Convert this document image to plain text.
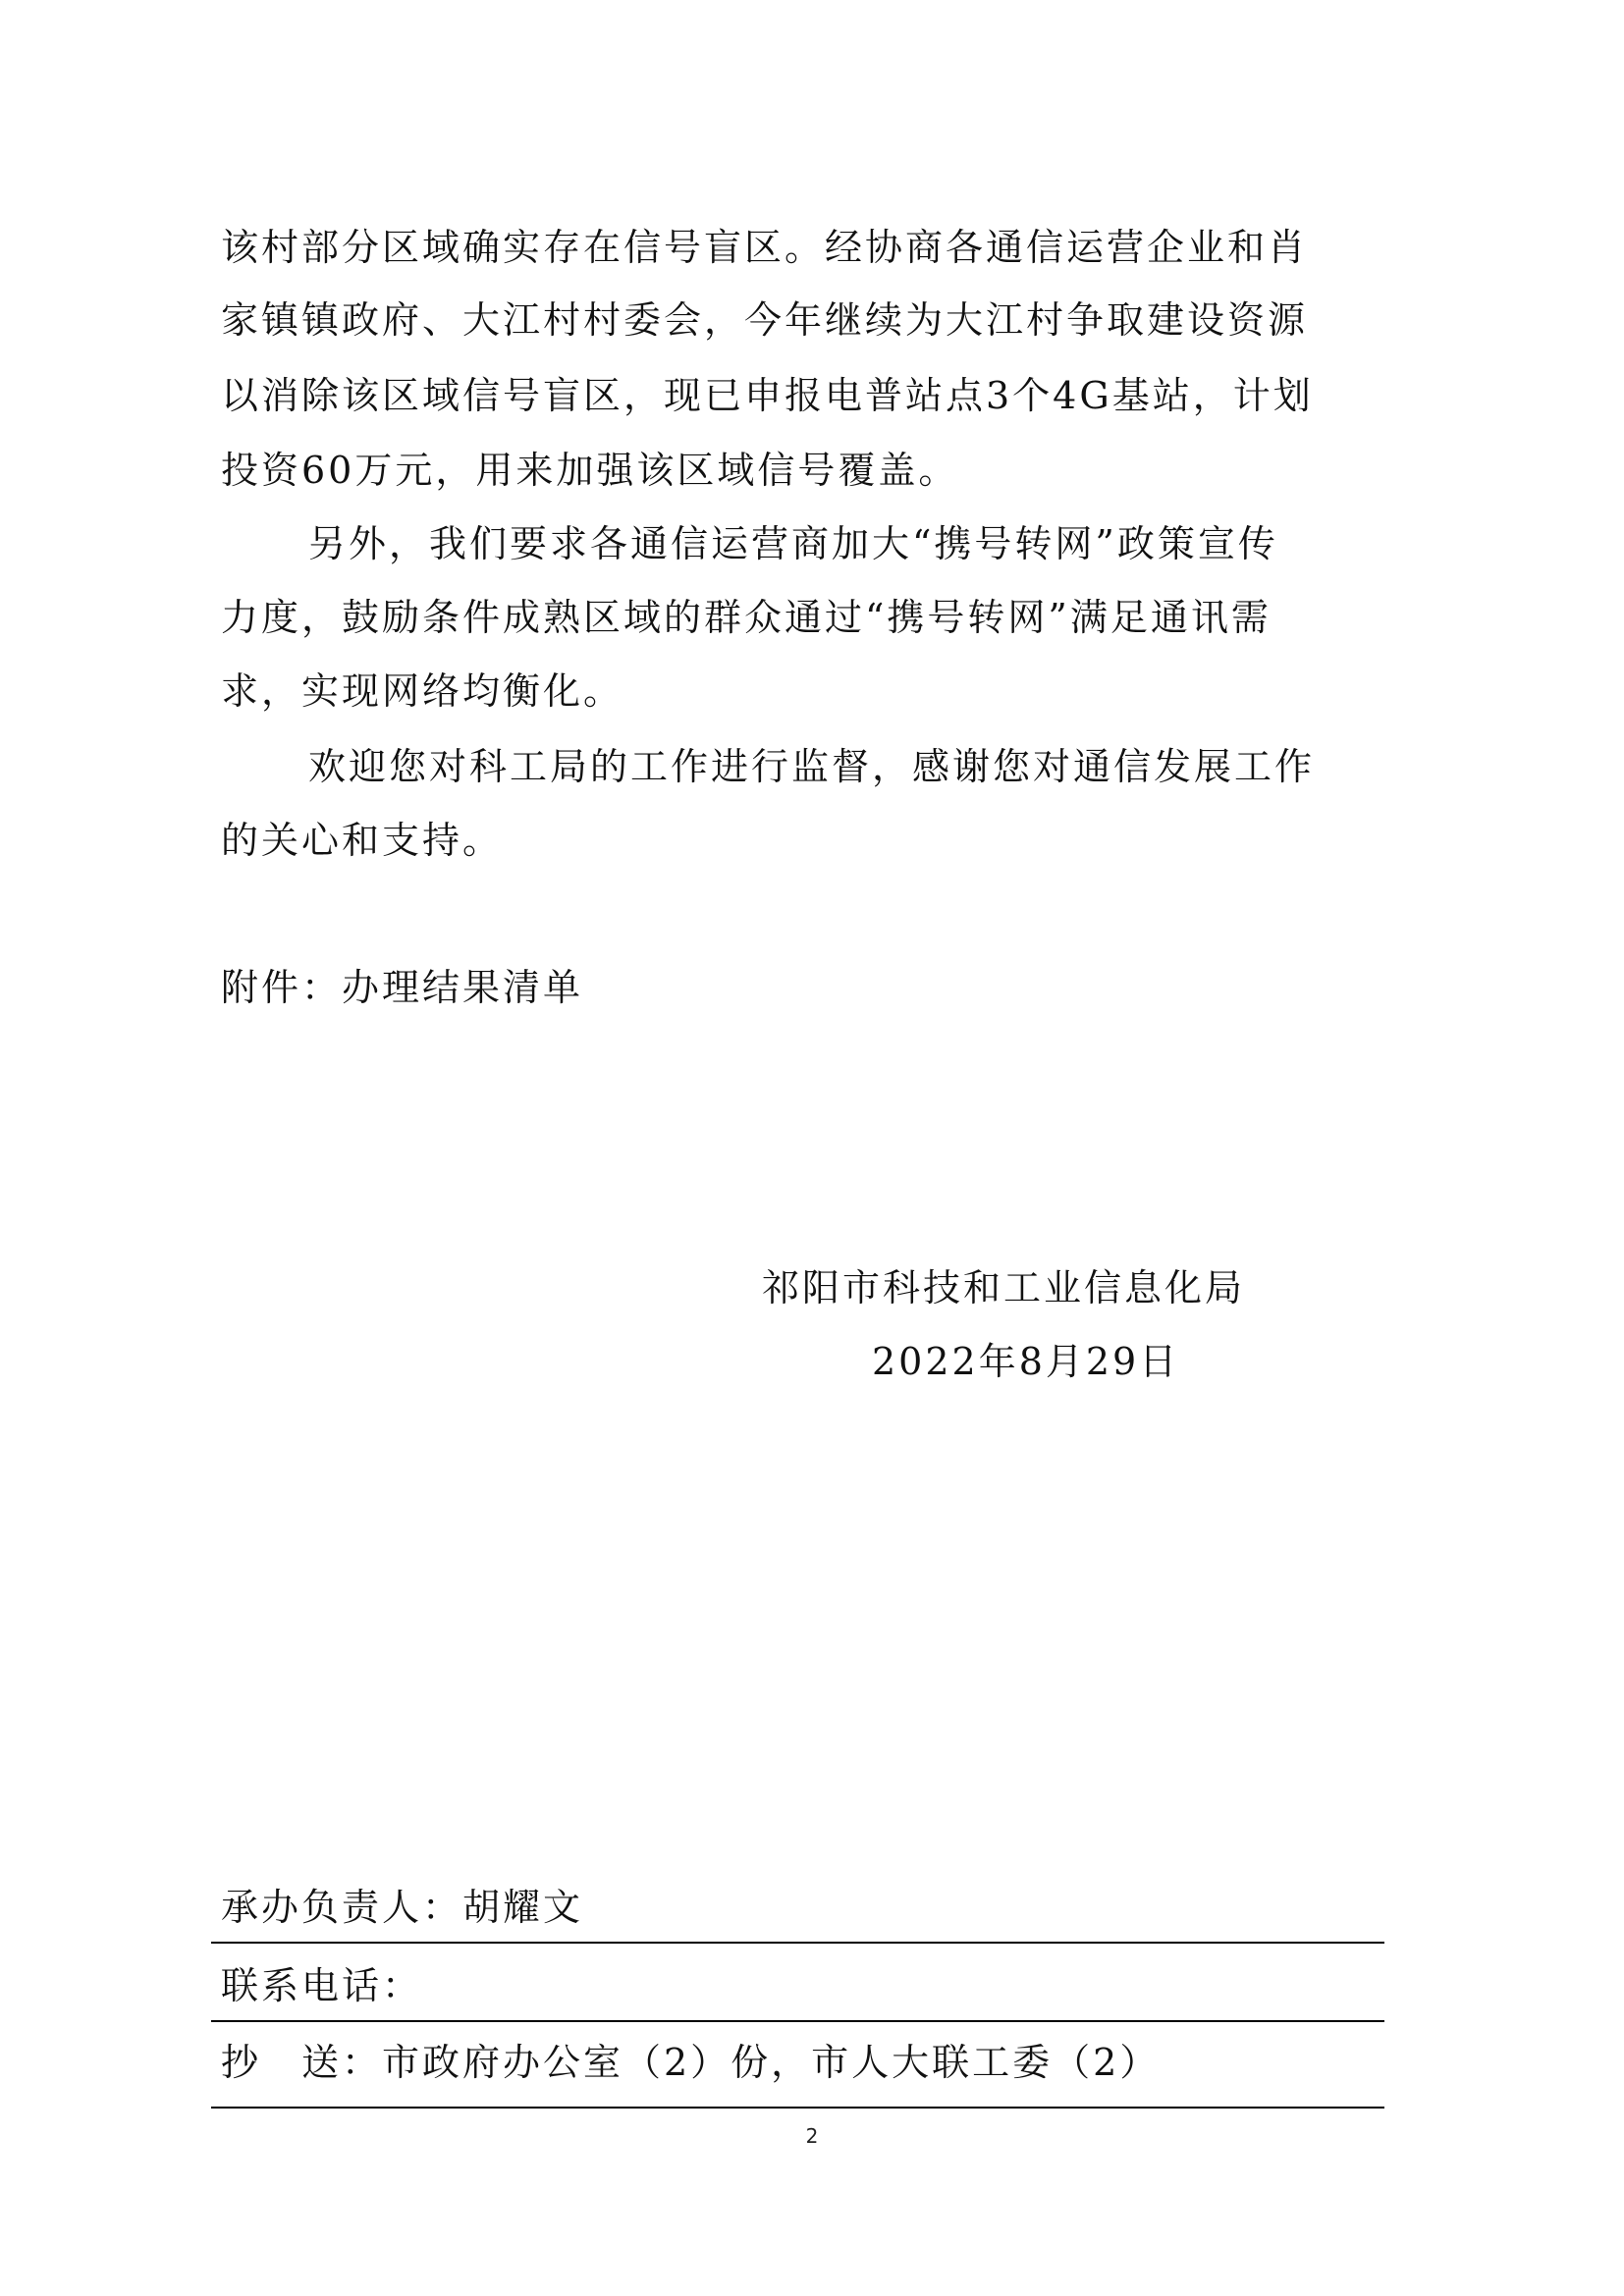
该村部分区域确实存在信号盲区。经协商各通信运营企业和肖
家镇镇政府、大江村村委会，今年继续为大江村争取建设资源
以消除该区域信号盲区，现已申报电普站点3个4G基站，计划
投资60万元，用来加强该区域信号覆盖。
另外，我们要求各通信运营商加大“携号转网”政策宣传
力度，鼓励条件成熟区域的群众通过“携号转网”满足通讯需
求，实现网络均衡化。
欢迎您对科工局的工作进行监督，感谢您对通信发展工作
的关心和支持。
附件：办理结果清单
祁阳市科技和工业信息化局
2022年8月29日
承办负责人：胡耀文
联系电话：
抄　送：市政府办公室（2）份，市人大联工委（2）
2
